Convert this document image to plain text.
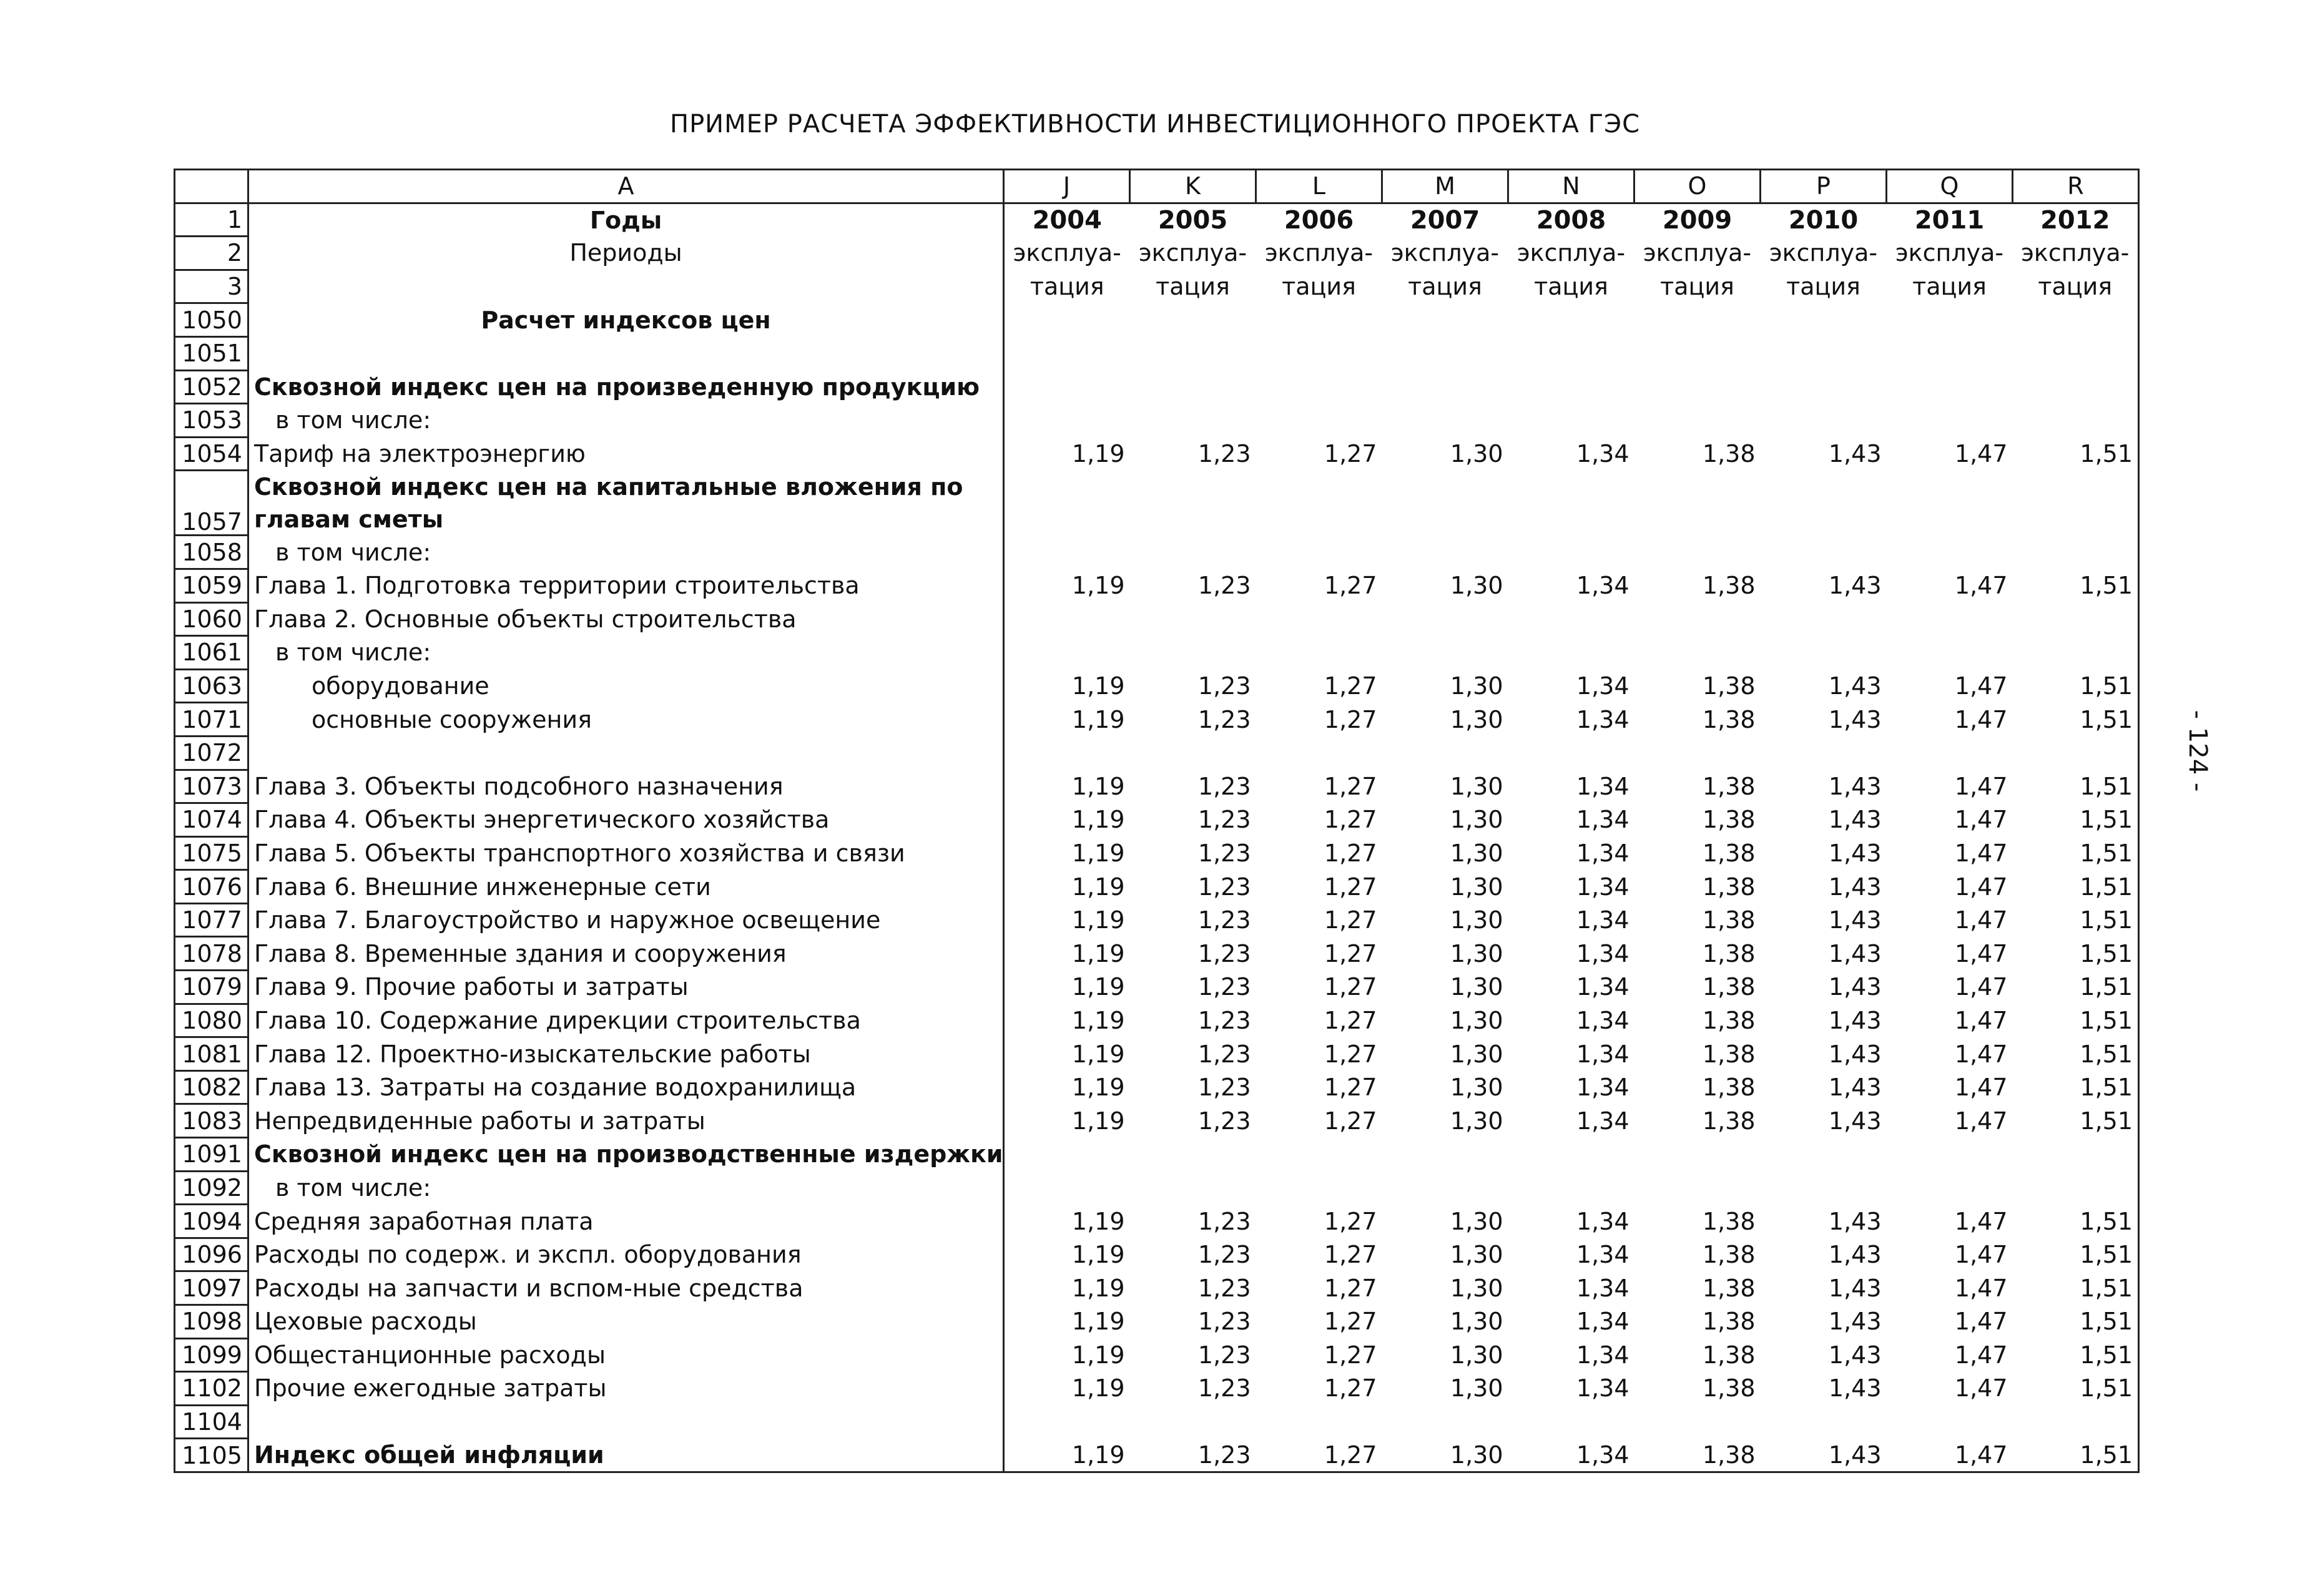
ПРИМЕР РАСЧЕТА ЭФФЕКТИВНОСТИ ИНВЕСТИЦИОННОГО ПРОЕКТА ГЭС
	A	J	K	L	M	N	O	P	Q	R
1	Годы	2004	2005	2006	2007	2008	2009	2010	2011	2012
2	Периоды	эксплуа-	эксплуа-	эксплуа-	эксплуа-	эксплуа-	эксплуа-	эксплуа-	эксплуа-	эксплуа-
3		тация	тация	тация	тация	тация	тация	тация	тация	тация
1050	Расчет индексов цен									
1051										
1052	Сквозной индекс цен на произведенную продукцию									
1053	в том числе:									
1054	Тариф на электроэнергию	1,19	1,23	1,27	1,30	1,34	1,38	1,43	1,47	1,51
1057	Сквозной индекс цен на капитальные вложения по главам сметы									
1058	в том числе:									
1059	Глава 1. Подготовка территории строительства	1,19	1,23	1,27	1,30	1,34	1,38	1,43	1,47	1,51
1060	Глава 2. Основные объекты строительства									
1061	в том числе:									
1063	оборудование	1,19	1,23	1,27	1,30	1,34	1,38	1,43	1,47	1,51
1071	основные сооружения	1,19	1,23	1,27	1,30	1,34	1,38	1,43	1,47	1,51
1072										
1073	Глава 3. Объекты подсобного назначения	1,19	1,23	1,27	1,30	1,34	1,38	1,43	1,47	1,51
1074	Глава 4. Объекты энергетического хозяйства	1,19	1,23	1,27	1,30	1,34	1,38	1,43	1,47	1,51
1075	Глава 5. Объекты транспортного хозяйства и связи	1,19	1,23	1,27	1,30	1,34	1,38	1,43	1,47	1,51
1076	Глава 6. Внешние инженерные сети	1,19	1,23	1,27	1,30	1,34	1,38	1,43	1,47	1,51
1077	Глава 7. Благоустройство и наружное освещение	1,19	1,23	1,27	1,30	1,34	1,38	1,43	1,47	1,51
1078	Глава 8. Временные здания и сооружения	1,19	1,23	1,27	1,30	1,34	1,38	1,43	1,47	1,51
1079	Глава 9. Прочие работы и затраты	1,19	1,23	1,27	1,30	1,34	1,38	1,43	1,47	1,51
1080	Глава 10. Содержание дирекции строительства	1,19	1,23	1,27	1,30	1,34	1,38	1,43	1,47	1,51
1081	Глава 12. Проектно-изыскательские работы	1,19	1,23	1,27	1,30	1,34	1,38	1,43	1,47	1,51
1082	Глава 13. Затраты на создание водохранилища	1,19	1,23	1,27	1,30	1,34	1,38	1,43	1,47	1,51
1083	Непредвиденные работы и затраты	1,19	1,23	1,27	1,30	1,34	1,38	1,43	1,47	1,51
1091	Сквозной индекс цен на производственные издержки									
1092	в том числе:									
1094	Средняя заработная плата	1,19	1,23	1,27	1,30	1,34	1,38	1,43	1,47	1,51
1096	Расходы по содерж. и экспл. оборудования	1,19	1,23	1,27	1,30	1,34	1,38	1,43	1,47	1,51
1097	Расходы на запчасти и вспом-ные средства	1,19	1,23	1,27	1,30	1,34	1,38	1,43	1,47	1,51
1098	Цеховые расходы	1,19	1,23	1,27	1,30	1,34	1,38	1,43	1,47	1,51
1099	Общестанционные расходы	1,19	1,23	1,27	1,30	1,34	1,38	1,43	1,47	1,51
1102	Прочие ежегодные затраты	1,19	1,23	1,27	1,30	1,34	1,38	1,43	1,47	1,51
1104										
1105	Индекс общей инфляции	1,19	1,23	1,27	1,30	1,34	1,38	1,43	1,47	1,51
- 124 -
